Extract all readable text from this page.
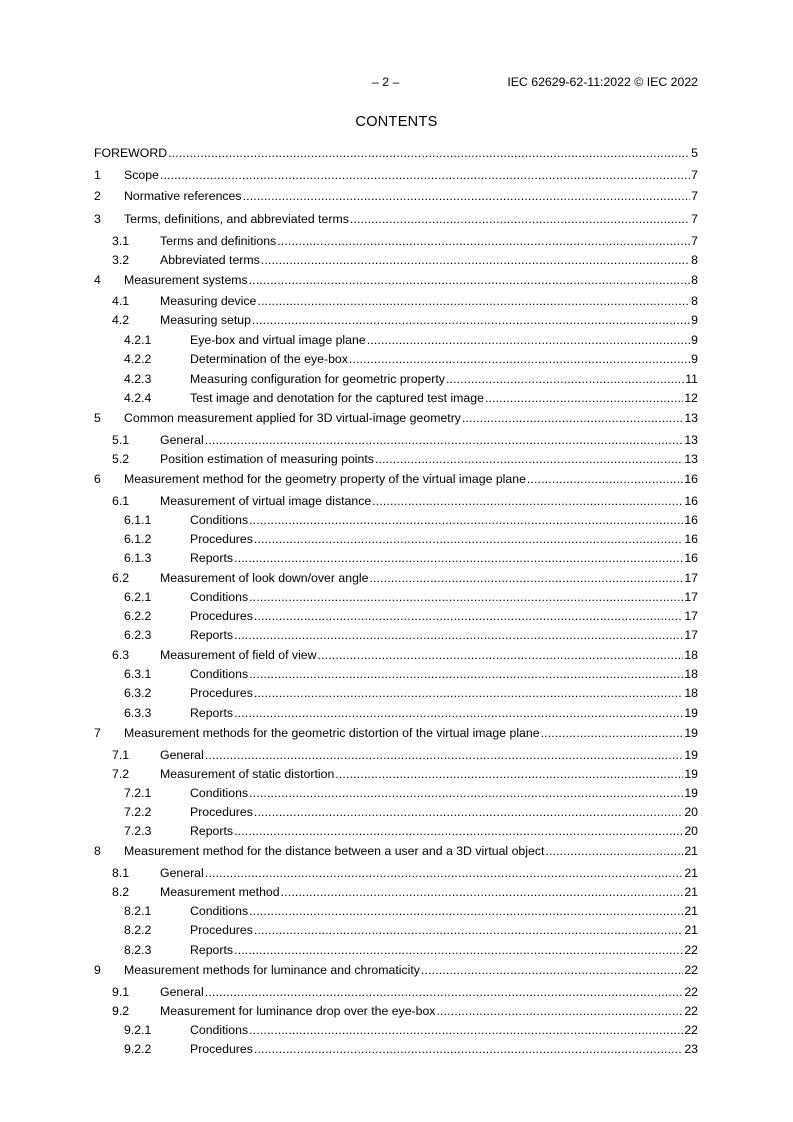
– 2 –	IEC 62629-62-11:2022 © IEC 2022
CONTENTS
FOREWORD .....	5
1	Scope .....	7
2	Normative references .....	7
3	Terms, definitions, and abbreviated terms .....	7
3.1	Terms and definitions .....	7
3.2	Abbreviated terms .....	8
4	Measurement systems .....	8
4.1	Measuring device .....	8
4.2	Measuring setup .....	9
4.2.1	Eye-box and virtual image plane .....	9
4.2.2	Determination of the eye-box .....	9
4.2.3	Measuring configuration for geometric property .....	11
4.2.4	Test image and denotation for the captured test image .....	12
5	Common measurement applied for 3D virtual-image geometry .....	13
5.1	General .....	13
5.2	Position estimation of measuring points .....	13
6	Measurement method for the geometry property of the virtual image plane .....	16
6.1	Measurement of virtual image distance .....	16
6.1.1	Conditions .....	16
6.1.2	Procedures .....	16
6.1.3	Reports .....	16
6.2	Measurement of look down/over angle .....	17
6.2.1	Conditions .....	17
6.2.2	Procedures .....	17
6.2.3	Reports .....	17
6.3	Measurement of field of view .....	18
6.3.1	Conditions .....	18
6.3.2	Procedures .....	18
6.3.3	Reports .....	19
7	Measurement methods for the geometric distortion of the virtual image plane .....	19
7.1	General .....	19
7.2	Measurement of static distortion .....	19
7.2.1	Conditions .....	19
7.2.2	Procedures .....	20
7.2.3	Reports .....	20
8	Measurement method for the distance between a user and a 3D virtual object .....	21
8.1	General .....	21
8.2	Measurement method .....	21
8.2.1	Conditions .....	21
8.2.2	Procedures .....	21
8.2.3	Reports .....	22
9	Measurement methods for luminance and chromaticity .....	22
9.1	General .....	22
9.2	Measurement for luminance drop over the eye-box .....	22
9.2.1	Conditions .....	22
9.2.2	Procedures .....	23
